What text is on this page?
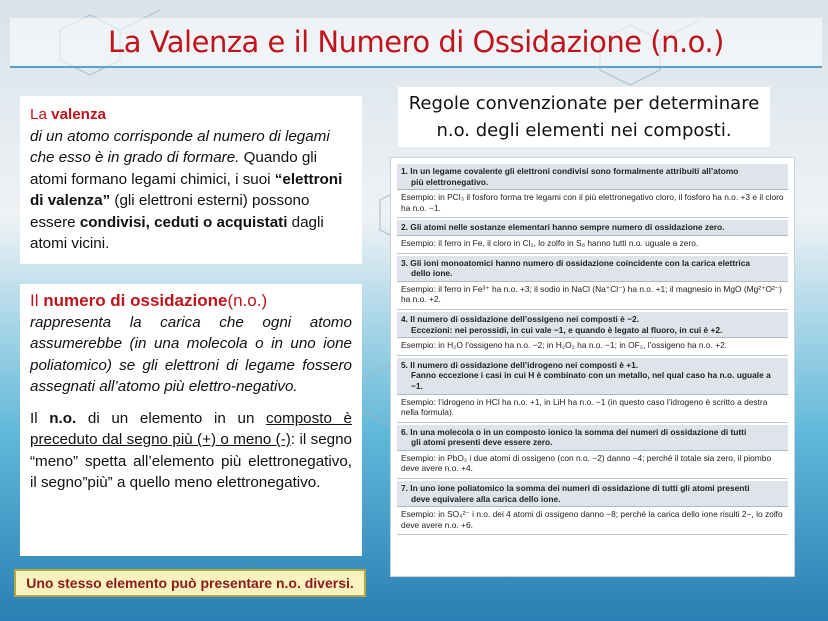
La Valenza e il Numero di Ossidazione (n.o.)
La valenza
di un atomo corrisponde al numero di legami che esso è in grado di formare. Quando gli atomi formano legami chimici, i suoi “elettroni di valenza” (gli elettroni esterni) possono essere condivisi, ceduti o acquistati dagli atomi vicini.

Il numero di ossidazione(n.o.)

rappresenta la carica che ogni atomo assumerebbe (in una molecola o in uno ione poliatomico) se gli elettroni di legame fossero assegnati all’atomo più elettro-negativo.

Il n.o. di un elemento in un composto è preceduto dal segno più (+) o meno (-): il segno “meno” spetta all’elemento più elettronegativo, il segno”più” a quello meno elettronegativo.

Uno stesso elemento può presentare n.o. diversi.
Regole convenzionate per determinare n.o. degli elementi nei composti.
1. In un legame covalente gli elettroni condivisi sono formalmente attribuiti all’atomo
più elettronegativo.
Esempio: in PCl₃ il fosforo forma tre legami con il più elettronegativo cloro, il fosforo ha n.o. +3 e il cloro ha n.o. −1.
2. Gli atomi nelle sostanze elementari hanno sempre numero di ossidazione zero.
Esempio: il ferro in Fe, il cloro in Cl₂, lo zolfo in S₈ hanno tutti n.o. uguale a zero.
3. Gli ioni monoatomici hanno numero di ossidazione coincidente con la carica elettrica
dello ione.
Esempio: il ferro in Fe³⁺ ha n.o. +3; il sodio in NaCl (Na⁺Cl⁻) ha n.o. +1; il magnesio in MgO (Mg²⁺O²⁻) ha n.o. +2.
4. Il numero di ossidazione dell’ossigeno nei composti è −2.
Eccezioni: nei perossidi, in cui vale −1, e quando è legato al fluoro, in cui è +2.
Esempio: in H₂O l’ossigeno ha n.o. −2; in H₂O₂ ha n.o. −1; in OF₂, l’ossigeno ha n.o. +2.
5. Il numero di ossidazione dell’idrogeno nei composti è +1.
Fanno eccezione i casi in cui H è combinato con un metallo, nel qual caso ha n.o. uguale a −1.
Esempio: l’idrogeno in HCl ha n.o. +1, in LiH ha n.o. −1 (in questo caso l’idrogeno è scritto a destra nella formula).
6. In una molecola o in un composto ionico la somma dei numeri di ossidazione di tutti
gli atomi presenti deve essere zero.
Esempio: in PbO₂ i due atomi di ossigeno (con n.o. −2) danno −4; perché il totale sia zero, il piombo deve avere n.o. +4.
7. In uno ione poliatomico la somma dei numeri di ossidazione di tutti gli atomi presenti
deve equivalere alla carica dello ione.
Esempio: in SO₄²⁻ i n.o. dei 4 atomi di ossigeno danno −8; perché la carica dello ione risulti 2−, lo zolfo deve avere n.o. +6.
